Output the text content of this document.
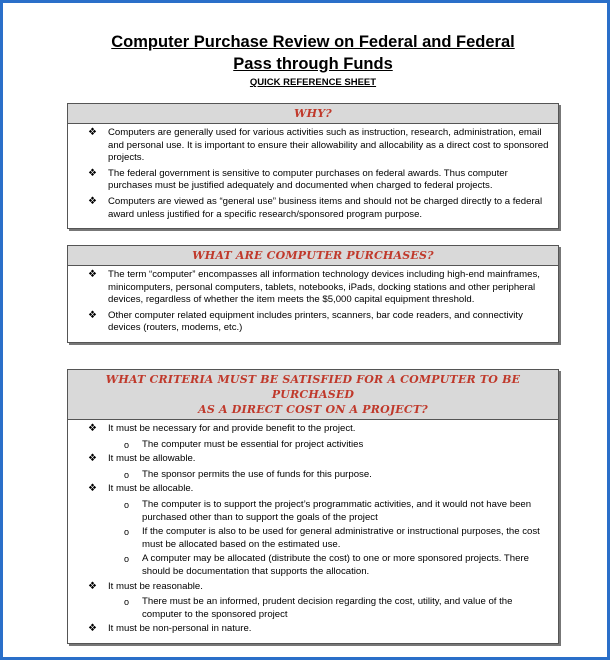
Computer Purchase Review on Federal and Federal
Pass through Funds
QUICK REFERENCE SHEET
WHY?
❖ Computers are generally used for various activities such as instruction, research, administration, email and personal use. It is important to ensure their allowability and allocability as a direct cost to sponsored projects.
❖ The federal government is sensitive to computer purchases on federal awards. Thus computer purchases must be justified adequately and documented when charged to federal projects.
❖ Computers are viewed as “general use” business items and should not be charged directly to a federal award unless justified for a specific research/sponsored program purpose.
WHAT ARE COMPUTER PURCHASES?
❖ The term “computer” encompasses all information technology devices including high-end mainframes, minicomputers, personal computers, tablets, notebooks, iPads, docking stations and other peripheral devices, regardless of whether the item meets the $5,000 capital equipment threshold.
❖ Other computer related equipment includes printers, scanners, bar code readers, and connectivity devices (routers, modems, etc.)
WHAT CRITERIA MUST BE SATISFIED FOR A COMPUTER TO BE PURCHASED
AS A DIRECT COST ON A PROJECT?
❖ It must be necessary for and provide benefit to the project.
o The computer must be essential for project activities
❖ It must be allowable.
o The sponsor permits the use of funds for this purpose.
❖ It must be allocable.
o The computer is to support the project’s programmatic activities, and it would not have been purchased other than to support the goals of the project
o If the computer is also to be used for general administrative or instructional purposes, the cost must be allocated based on the estimated use.
o A computer may be allocated (distribute the cost) to one or more sponsored projects. There should be documentation that supports the allocation.
❖ It must be reasonable.
o There must be an informed, prudent decision regarding the cost, utility, and value of the computer to the sponsored project
❖ It must be non-personal in nature.
